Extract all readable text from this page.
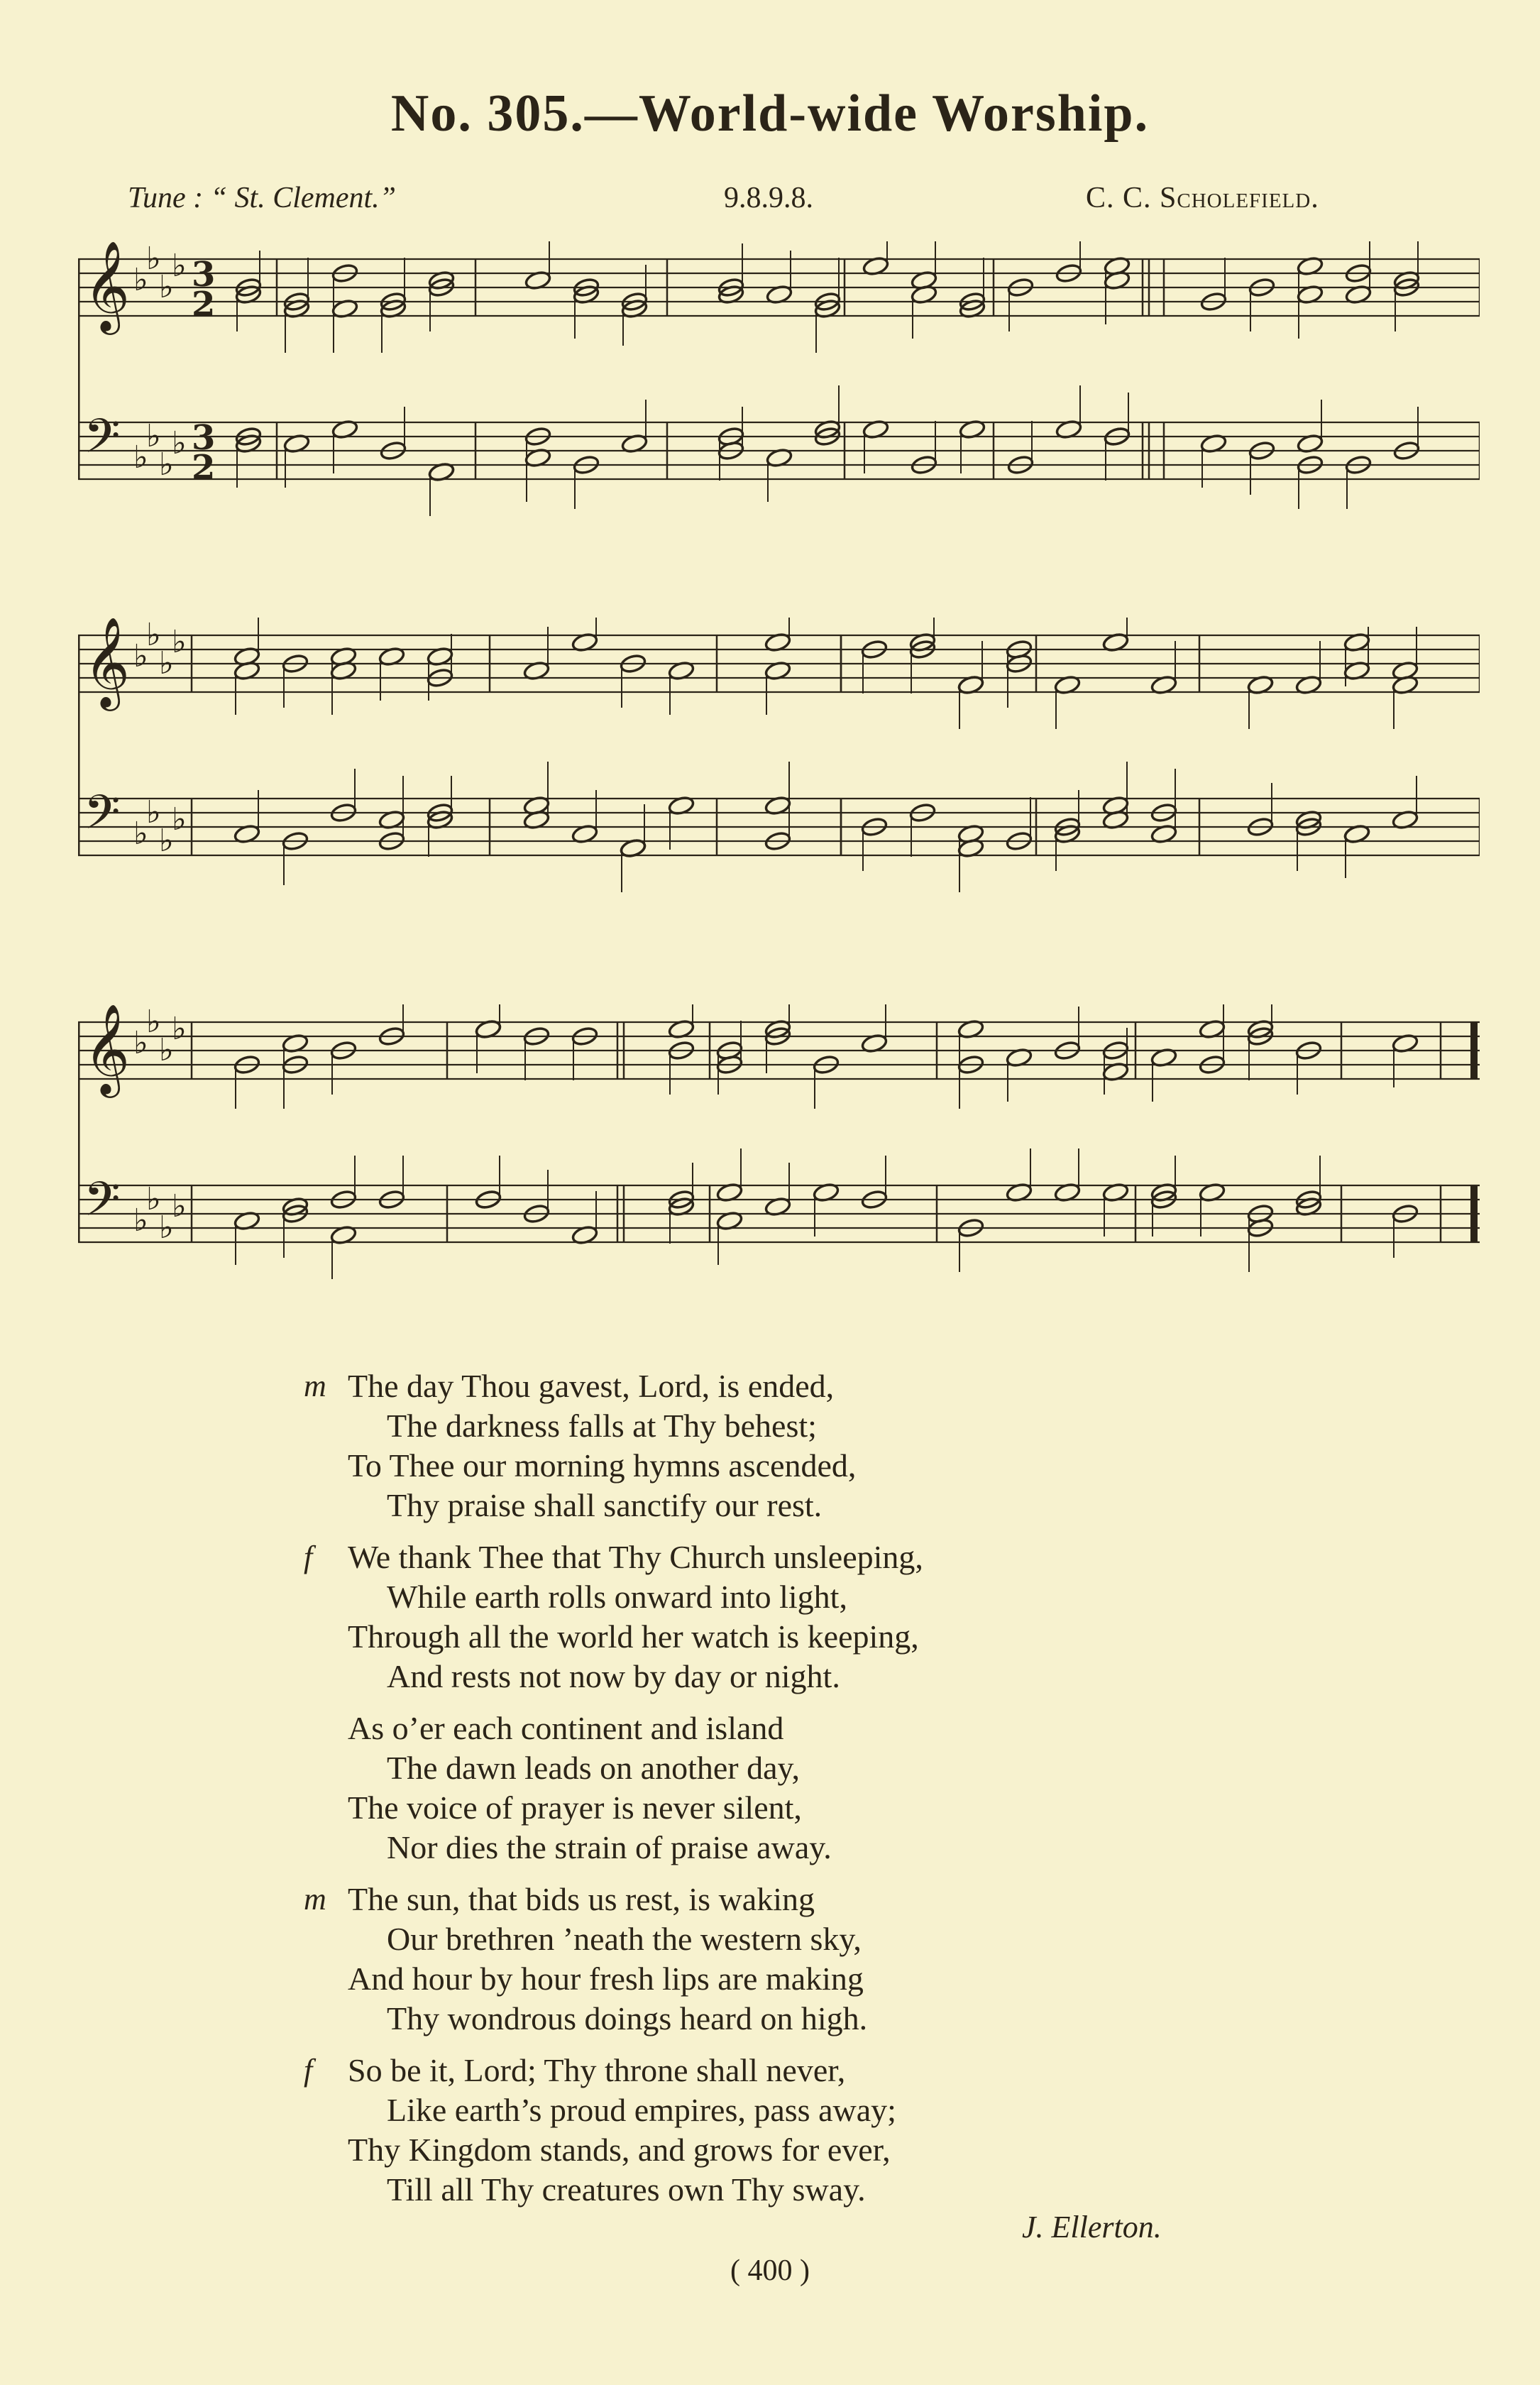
No. 305.—World-wide Worship.
Tune : “ St. Clement.”	9.8.9.8.	C. C. Scholefield.
𝄞 ♭
♭
♭
♭ 3
2
𝄢 ♭
♭
♭
♭ 3
2
𝄞 ♭
♭
♭
♭
𝄢 ♭
♭
♭
♭
𝄞 ♭
♭
♭
♭
𝄢 ♭
♭
♭
♭
m The day Thou gavest, Lord, is ended,
The darkness falls at Thy behest;
To Thee our morning hymns ascended,
Thy praise shall sanctify our rest.
f We thank Thee that Thy Church unsleeping,
While earth rolls onward into light,
Through all the world her watch is keeping,
And rests not now by day or night.
As o’er each continent and island
The dawn leads on another day,
The voice of prayer is never silent,
Nor dies the strain of praise away.
m The sun, that bids us rest, is waking
Our brethren ’neath the western sky,
And hour by hour fresh lips are making
Thy wondrous doings heard on high.
f So be it, Lord; Thy throne shall never,
Like earth’s proud empires, pass away;
Thy Kingdom stands, and grows for ever,
Till all Thy creatures own Thy sway.
J. Ellerton.
( 400 )
